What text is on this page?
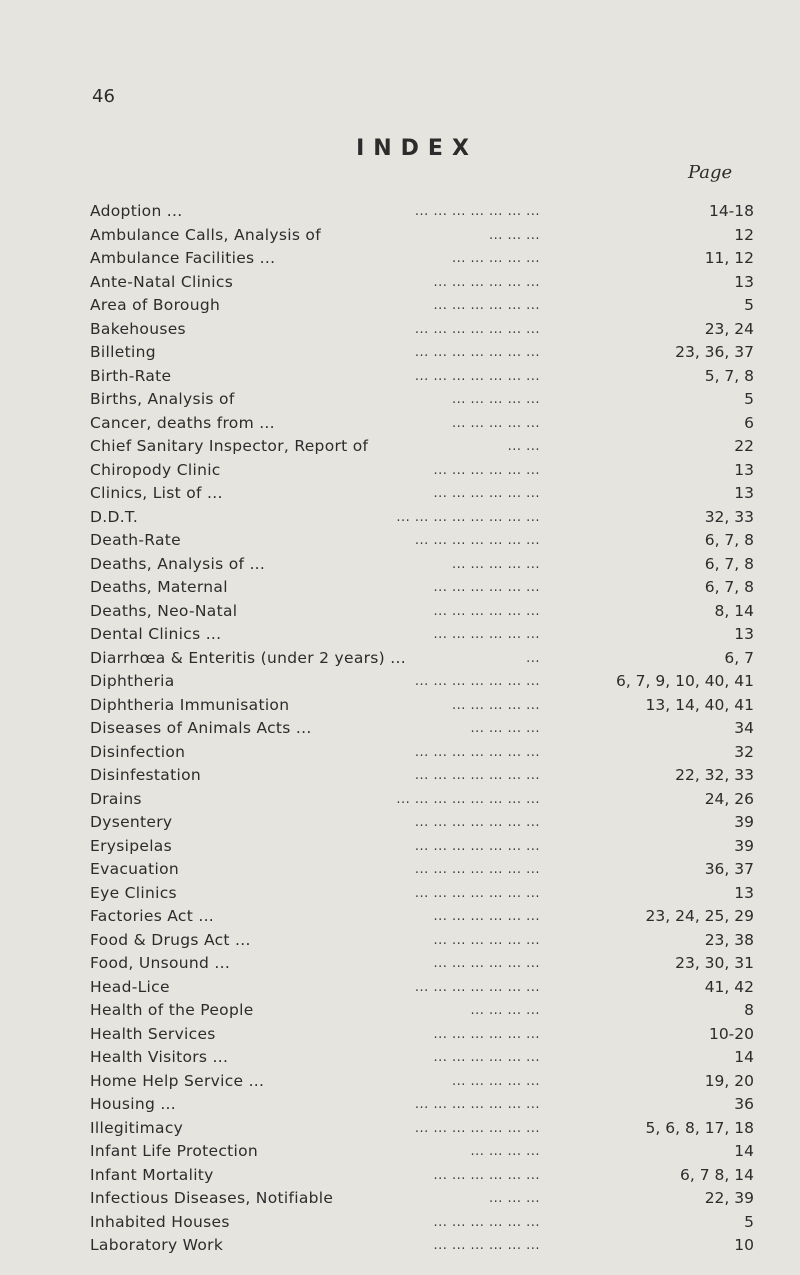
46
INDEX
Page
Adoption ...	... ... ... ... ... ... ...	14-18
Ambulance Calls, Analysis of	... ... ...	12
Ambulance Facilities ...	... ... ... ... ...	11, 12
Ante-Natal Clinics	... ... ... ... ... ...	13
Area of Borough	... ... ... ... ... ...	5
Bakehouses	... ... ... ... ... ... ...	23, 24
Billeting	... ... ... ... ... ... ...	23, 36, 37
Birth-Rate	... ... ... ... ... ... ...	5, 7, 8
Births, Analysis of	... ... ... ... ...	5
Cancer, deaths from ...	... ... ... ... ...	6
Chief Sanitary Inspector, Report of	... ...	22
Chiropody Clinic	... ... ... ... ... ...	13
Clinics, List of ...	... ... ... ... ... ...	13
D.D.T.	... ... ... ... ... ... ... ...	32, 33
Death-Rate	... ... ... ... ... ... ...	6, 7, 8
Deaths, Analysis of ...	... ... ... ... ...	6, 7, 8
Deaths, Maternal	... ... ... ... ... ...	6, 7, 8
Deaths, Neo-Natal	... ... ... ... ... ...	8, 14
Dental Clinics ...	... ... ... ... ... ...	13
Diarrhœa & Enteritis (under 2 years) ...	...	6, 7
Diphtheria	... ... ... ... ... ... ...	6, 7, 9, 10, 40, 41
Diphtheria Immunisation	... ... ... ... ...	13, 14, 40, 41
Diseases of Animals Acts ...	... ... ... ...	34
Disinfection	... ... ... ... ... ... ...	32
Disinfestation	... ... ... ... ... ... ...	22, 32, 33
Drains	... ... ... ... ... ... ... ...	24, 26
Dysentery	... ... ... ... ... ... ...	39
Erysipelas	... ... ... ... ... ... ...	39
Evacuation	... ... ... ... ... ... ...	36, 37
Eye Clinics	... ... ... ... ... ... ...	13
Factories Act ...	... ... ... ... ... ...	23, 24, 25, 29
Food & Drugs Act ...	... ... ... ... ... ...	23, 38
Food, Unsound ...	... ... ... ... ... ...	23, 30, 31
Head-Lice	... ... ... ... ... ... ...	41, 42
Health of the People	... ... ... ...	8
Health Services	... ... ... ... ... ...	10-20
Health Visitors ...	... ... ... ... ... ...	14
Home Help Service ...	... ... ... ... ...	19, 20
Housing ...	... ... ... ... ... ... ...	36
Illegitimacy	... ... ... ... ... ... ...	5, 6, 8, 17, 18
Infant Life Protection	... ... ... ...	14
Infant Mortality	... ... ... ... ... ...	6, 7 8, 14
Infectious Diseases, Notifiable	... ... ...	22, 39
Inhabited Houses	... ... ... ... ... ...	5
Laboratory Work	... ... ... ... ... ...	10
